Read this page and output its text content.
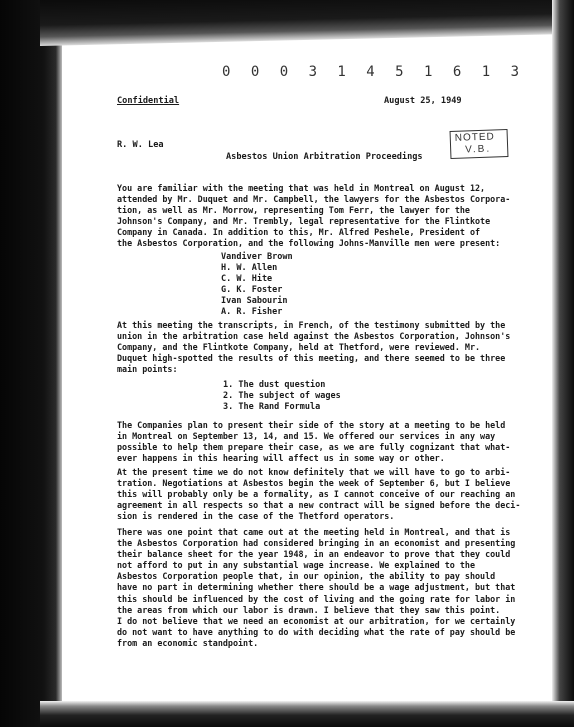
0 0 0 3 1 4 5 1 6 1 3
Confidential	August 25, 1949
NOTED
V.B.
R. W. Lea
Asbestos Union Arbitration Proceedings
You are familiar with the meeting that was held in Montreal on August 12,
attended by Mr. Duquet and Mr. Campbell, the lawyers for the Asbestos Corpora-
tion, as well as Mr. Morrow, representing Tom Ferr, the lawyer for the
Johnson's Company, and Mr. Trembly, legal representative for the Flintkote
Company in Canada. In addition to this, Mr. Alfred Peshele, President of
the Asbestos Corporation, and the following Johns-Manville men were present:
Vandiver Brown
H. W. Allen
C. W. Hite
G. K. Foster
Ivan Sabourin
A. R. Fisher
At this meeting the transcripts, in French, of the testimony submitted by the
union in the arbitration case held against the Asbestos Corporation, Johnson's
Company, and the Flintkote Company, held at Thetford, were reviewed. Mr.
Duquet high-spotted the results of this meeting, and there seemed to be three
main points:
1. The dust question
2. The subject of wages
3. The Rand Formula
The Companies plan to present their side of the story at a meeting to be held
in Montreal on September 13, 14, and 15. We offered our services in any way
possible to help them prepare their case, as we are fully cognizant that what-
ever happens in this hearing will affect us in some way or other.
At the present time we do not know definitely that we will have to go to arbi-
tration. Negotiations at Asbestos begin the week of September 6, but I believe
this will probably only be a formality, as I cannot conceive of our reaching an
agreement in all respects so that a new contract will be signed before the deci-
sion is rendered in the case of the Thetford operators.
There was one point that came out at the meeting held in Montreal, and that is
the Asbestos Corporation had considered bringing in an economist and presenting
their balance sheet for the year 1948, in an endeavor to prove that they could
not afford to put in any substantial wage increase. We explained to the
Asbestos Corporation people that, in our opinion, the ability to pay should
have no part in determining whether there should be a wage adjustment, but that
this should be influenced by the cost of living and the going rate for labor in
the areas from which our labor is drawn. I believe that they saw this point.
I do not believe that we need an economist at our arbitration, for we certainly
do not want to have anything to do with deciding what the rate of pay should be
from an economic standpoint.
